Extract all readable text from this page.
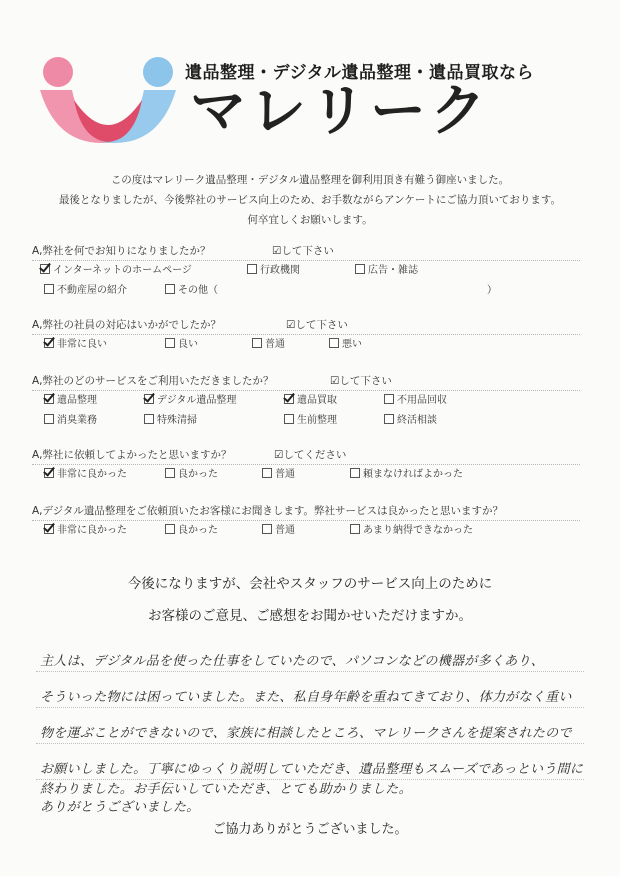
遺品整理・デジタル遺品整理・遺品買取なら
マレリーク
この度はマレリーク遺品整理・デジタル遺品整理を御利用頂き有難う御座いました。
最後となりましたが、今後弊社のサービス向上のため、お手数ながらアンケートにご協力頂いております。
何卒宜しくお願いします。
A,弊社を何でお知りになりましたか？	☑して下さい
インターネットのホームページ	行政機関	広告・雑誌
不動産屋の紹介	その他（	）
A,弊社の社員の対応はいかがでしたか？	☑して下さい
非常に良い	良い	普通	悪い
A,弊社のどのサービスをご利用いただきましたか？	☑して下さい
遺品整理	デジタル遺品整理	遺品買取	不用品回収
消臭業務	特殊清掃	生前整理	終活相談
A,弊社に依頼してよかったと思いますか？	☑してください
非常に良かった	良かった	普通	頼まなければよかった
A,デジタル遺品整理をご依頼頂いたお客様にお聞きします。弊社サービスは良かったと思いますか？
非常に良かった	良かった	普通	あまり納得できなかった
今後になりますが、会社やスタッフのサービス向上のために
お客様のご意見、ご感想をお聞かせいただけますか。
主人は、デジタル品を使った仕事をしていたので、パソコンなどの機器が多くあり、
そういった物には困っていました。また、私自身年齢を重ねてきており、体力がなく重い
物を運ぶことができないので、家族に相談したところ、マレリークさんを提案されたので
お願いしました。丁寧にゆっくり説明していただき、遺品整理もスムーズであっという間に
終わりました。お手伝いしていただき、とても助かりました。
ありがとうございました。
ご協力ありがとうございました。
